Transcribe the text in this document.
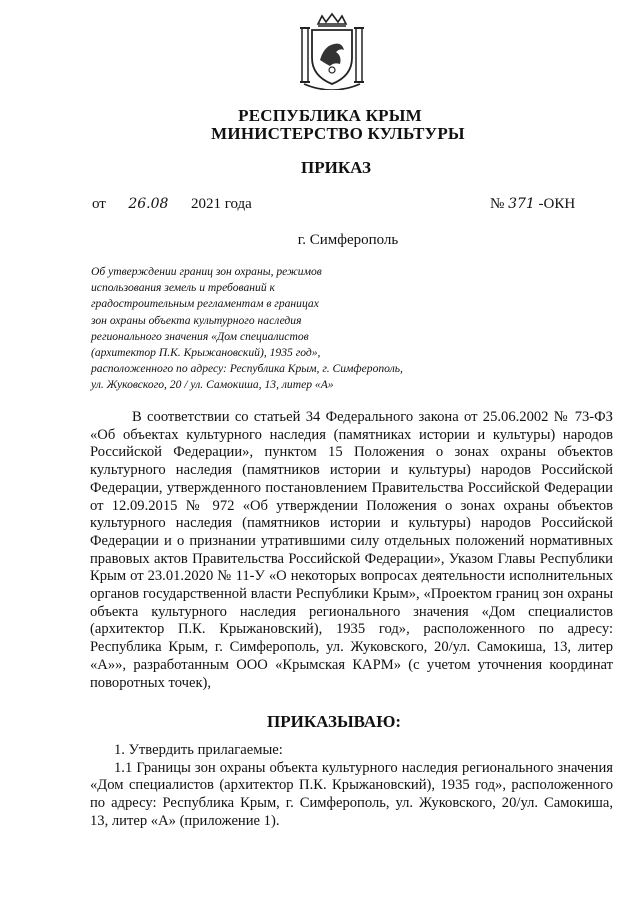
РЕСПУБЛИКА КРЫМ
МИНИСТЕРСТВО КУЛЬТУРЫ
ПРИКАЗ
от 26.08 2021 года	№ 371 -ОКН
г. Симферополь
Об утверждении границ зон охраны, режимов
использования земель и требований к
градостроительным регламентам в границах
зон охраны объекта культурного наследия
регионального значения «Дом специалистов
(архитектор П.К. Крыжановский), 1935 год»,
расположенного по адресу: Республика Крым, г. Симферополь,
ул. Жуковского, 20 / ул. Самокиша, 13, литер «А»

В соответствии со статьей 34 Федерального закона от 25.06.2002 № 73-ФЗ «Об объектах культурного наследия (памятниках истории и культуры) народов Российской Федерации», пунктом 15 Положения о зонах охраны объектов культурного наследия (памятников истории и культуры) народов Российской Федерации, утвержденного постановлением Правительства Российской Федерации от 12.09.2015 № 972 «Об утверждении Положения о зонах охраны объектов культурного наследия (памятников истории и культуры) народов Российской Федерации и о признании утратившими силу отдельных положений нормативных правовых актов Правительства Российской Федерации», Указом Главы Республики Крым от 23.01.2020 № 11-У «О некоторых вопросах деятельности исполнительных органов государственной власти Республики Крым», «Проектом границ зон охраны объекта культурного наследия регионального значения «Дом специалистов (архитектор П.К. Крыжановский), 1935 год», расположенного по адресу: Республика Крым, г. Симферополь, ул. Жуковского, 20/ул. Самокиша, 13, литер «А»», разработанным ООО «Крымская КАРМ» (с учетом уточнения координат поворотных точек),

ПРИКАЗЫВАЮ:

1. Утвердить прилагаемые:

1.1 Границы зон охраны объекта культурного наследия регионального значения «Дом специалистов (архитектор П.К. Крыжановский), 1935 год», расположенного по адресу: Республика Крым, г. Симферополь, ул. Жуковского, 20/ул. Самокиша, 13, литер «А» (приложение 1).
